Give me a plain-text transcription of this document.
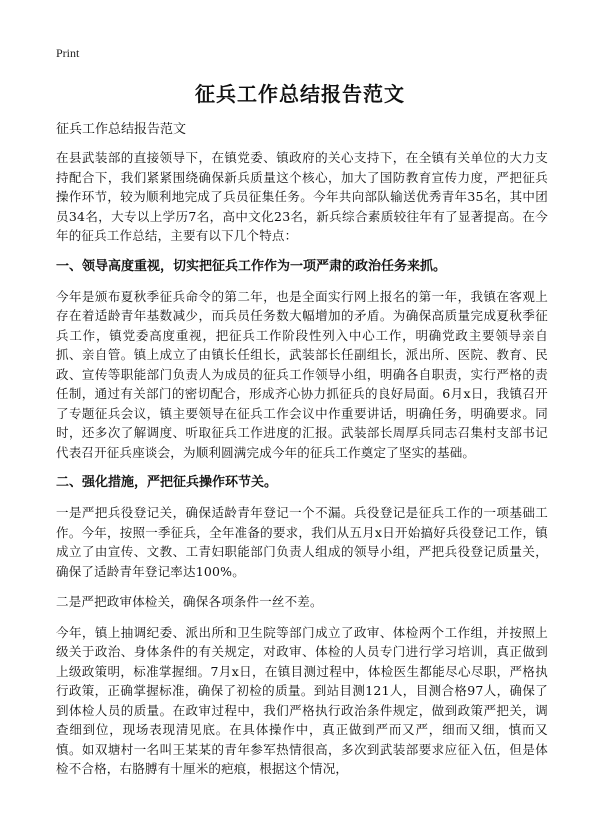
Print
征兵工作总结报告范文
征兵工作总结报告范文

在县武装部的直接领导下，在镇党委、镇政府的关心支持下，在全镇有关单位的大力支持配合下，我们紧紧围绕确保新兵质量这个核心，加大了国防教育宣传力度，严把征兵操作环节，较为顺利地完成了兵员征集任务。今年共向部队输送优秀青年35名，其中团员34名，大专以上学历7名，高中文化23名，新兵综合素质较往年有了显著提高。在今年的征兵工作总结，主要有以下几个特点：

一、领导高度重视，切实把征兵工作作为一项严肃的政治任务来抓。

今年是颁布夏秋季征兵命令的第二年，也是全面实行网上报名的第一年，我镇在客观上存在着适龄青年基数减少，而兵员任务数大幅增加的矛盾。为确保高质量完成夏秋季征兵工作，镇党委高度重视，把征兵工作阶段性列入中心工作，明确党政主要领导亲自抓、亲自管。镇上成立了由镇长任组长，武装部长任副组长，派出所、医院、教育、民政、宣传等职能部门负责人为成员的征兵工作领导小组，明确各自职责，实行严格的责任制，通过有关部门的密切配合，形成齐心协力抓征兵的良好局面。6月x日，我镇召开了专题征兵会议，镇主要领导在征兵工作会议中作重要讲话，明确任务，明确要求。同时，还多次了解调度、听取征兵工作进度的汇报。武装部长周厚兵同志召集村支部书记代表召开征兵座谈会，为顺利圆满完成今年的征兵工作奠定了坚实的基础。

二、强化措施，严把征兵操作环节关。

一是严把兵役登记关，确保适龄青年登记一个不漏。兵役登记是征兵工作的一项基础工作。今年，按照一季征兵，全年准备的要求，我们从五月x日开始搞好兵役登记工作，镇成立了由宣传、文教、工青妇职能部门负责人组成的领导小组，严把兵役登记质量关，确保了适龄青年登记率达100%。

二是严把政审体检关，确保各项条件一丝不差。

今年，镇上抽调纪委、派出所和卫生院等部门成立了政审、体检两个工作组，并按照上级关于政治、身体条件的有关规定，对政审、体检的人员专门进行学习培训，真正做到上级政策明，标准掌握细。7月x日，在镇目测过程中，体检医生都能尽心尽职，严格执行政策，正确掌握标准，确保了初检的质量。到站目测121人，目测合格97人，确保了到体检人员的质量。在政审过程中，我们严格执行政治条件规定，做到政策严把关，调查细到位，现场表现清见底。在具体操作中，真正做到严而又严，细而又细，慎而又慎。如双塘村一名叫王某某的青年参军热情很高，多次到武装部要求应征入伍，但是体检不合格，右胳膊有十厘米的疤痕，根据这个情况，
